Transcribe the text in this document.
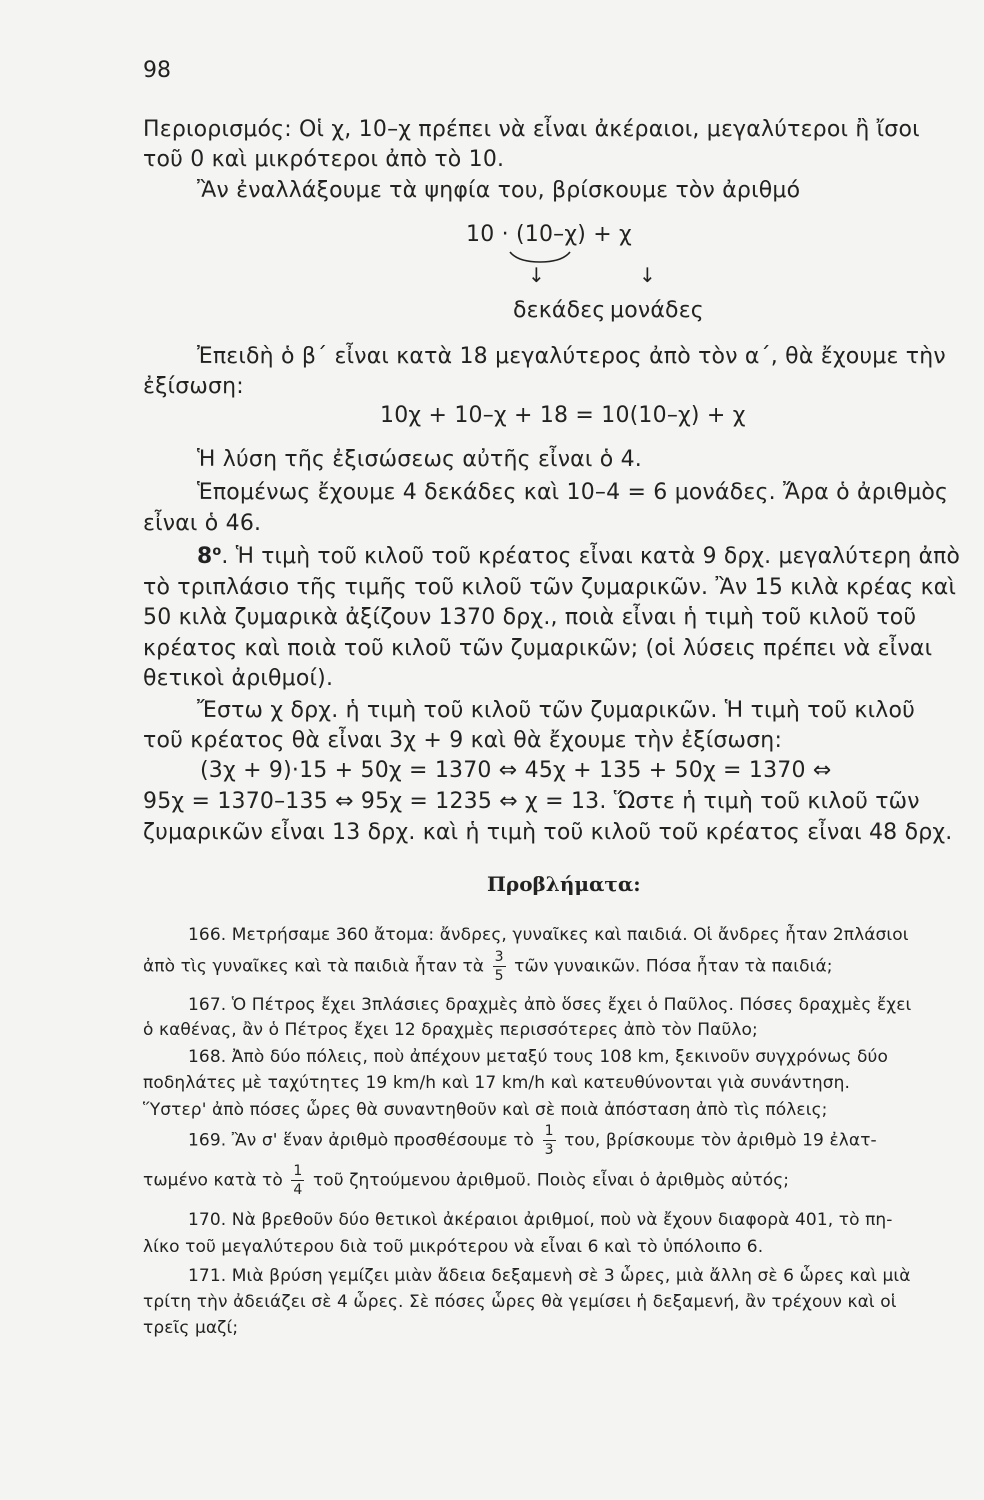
98
Περιορισμός: Οἱ χ, 10–χ πρέπει νὰ εἶναι ἀκέραιοι, μεγαλύτεροι ἢ ἴσοι
τοῦ 0 καὶ μικρότεροι ἀπὸ τὸ 10.
Ἂν ἐναλλάξουμε τὰ ψηφία του, βρίσκουμε τὸν ἀριθμό
10 · (10–χ) + χ
↓	↓
δεκάδες μονάδες
Ἐπειδὴ ὁ β΄ εἶναι κατὰ 18 μεγαλύτερος ἀπὸ τὸν α΄, θὰ ἔχουμε τὴν
ἐξίσωση:
10χ + 10–χ + 18 = 10(10–χ) + χ
Ἡ λύση τῆς ἐξισώσεως αὐτῆς εἶναι ὁ 4.
Ἑπομένως ἔχουμε 4 δεκάδες καὶ 10–4 = 6 μονάδες. Ἄρα ὁ ἀριθμὸς
εἶναι ὁ 46.
$8^o$. Ἡ τιμὴ τοῦ κιλοῦ τοῦ κρέατος εἶναι κατὰ 9 δρχ. μεγαλύτερη ἀπὸ
τὸ τριπλάσιο τῆς τιμῆς τοῦ κιλοῦ τῶν ζυμαρικῶν. Ἂν 15 κιλὰ κρέας καὶ
50 κιλὰ ζυμαρικὰ ἀξίζουν 1370 δρχ., ποιὰ εἶναι ἡ τιμὴ τοῦ κιλοῦ τοῦ
κρέατος καὶ ποιὰ τοῦ κιλοῦ τῶν ζυμαρικῶν; (οἱ λύσεις πρέπει νὰ εἶναι
θετικοὶ ἀριθμοί).
Ἔστω χ δρχ. ἡ τιμὴ τοῦ κιλοῦ τῶν ζυμαρικῶν. Ἡ τιμὴ τοῦ κιλοῦ
τοῦ κρέατος θὰ εἶναι 3χ + 9 καὶ θὰ ἔχουμε τὴν ἐξίσωση:
(3χ + 9)·15 + 50χ = 1370 ⇔ 45χ + 135 + 50χ = 1370 ⇔
95χ = 1370–135 ⇔ 95χ = 1235 ⇔ χ = 13. Ὥστε ἡ τιμὴ τοῦ κιλοῦ τῶν
ζυμαρικῶν εἶναι 13 δρχ. καὶ ἡ τιμὴ τοῦ κιλοῦ τοῦ κρέατος εἶναι 48 δρχ.
Προβλήματα:
166. Μετρήσαμε 360 ἄτομα: ἄνδρες, γυναῖκες καὶ παιδιά. Οἱ ἄνδρες ἦταν 2πλάσιοι
ἀπὸ τὶς γυναῖκες καὶ τὰ παιδιὰ ἦταν τὰ $\frac{3}{5}$ τῶν γυναικῶν. Πόσα ἦταν τὰ παιδιά;
167. Ὁ Πέτρος ἔχει 3πλάσιες δραχμὲς ἀπὸ ὅσες ἔχει ὁ Παῦλος. Πόσες δραχμὲς ἔχει
ὁ καθένας, ἂν ὁ Πέτρος ἔχει 12 δραχμὲς περισσότερες ἀπὸ τὸν Παῦλο;
168. Ἀπὸ δύο πόλεις, ποὺ ἀπέχουν μεταξύ τους 108 km, ξεκινοῦν συγχρόνως δύο
ποδηλάτες μὲ ταχύτητες 19 km/h καὶ 17 km/h καὶ κατευθύνονται γιὰ συνάντηση.
Ὕστερ' ἀπὸ πόσες ὧρες θὰ συναντηθοῦν καὶ σὲ ποιὰ ἀπόσταση ἀπὸ τὶς πόλεις;
169. Ἂν σ' ἕναν ἀριθμὸ προσθέσουμε τὸ $\frac{1}{3} \tau o\upsilon$, βρίσκουμε τὸν ἀριθμὸ 19 ἐλατ-
τωμένο κατὰ τὸ $\frac{1}{4}$ τοῦ ζητούμενου ἀριθμοῦ. Ποιὸς εἶναι ὁ ἀριθμὸς αὐτός;
170. Νὰ βρεθοῦν δύο θετικοὶ ἀκέραιοι ἀριθμοί, ποὺ νὰ ἔχουν διαφορὰ 401, τὸ πη-
λίκο τοῦ μεγαλύτερου διὰ τοῦ μικρότερου νὰ εἶναι 6 καὶ τὸ ὑπόλοιπο 6.
171. Μιὰ βρύση γεμίζει μιὰν ἄδεια δεξαμενὴ σὲ 3 ὧρες, μιὰ ἄλλη σὲ 6 ὧρες καὶ μιὰ
τρίτη τὴν ἀδειάζει σὲ 4 ὧρες. Σὲ πόσες ὧρες θὰ γεμίσει ἡ δεξαμενή, ἂν τρέχουν καὶ οἱ
τρεῖς μαζί;
